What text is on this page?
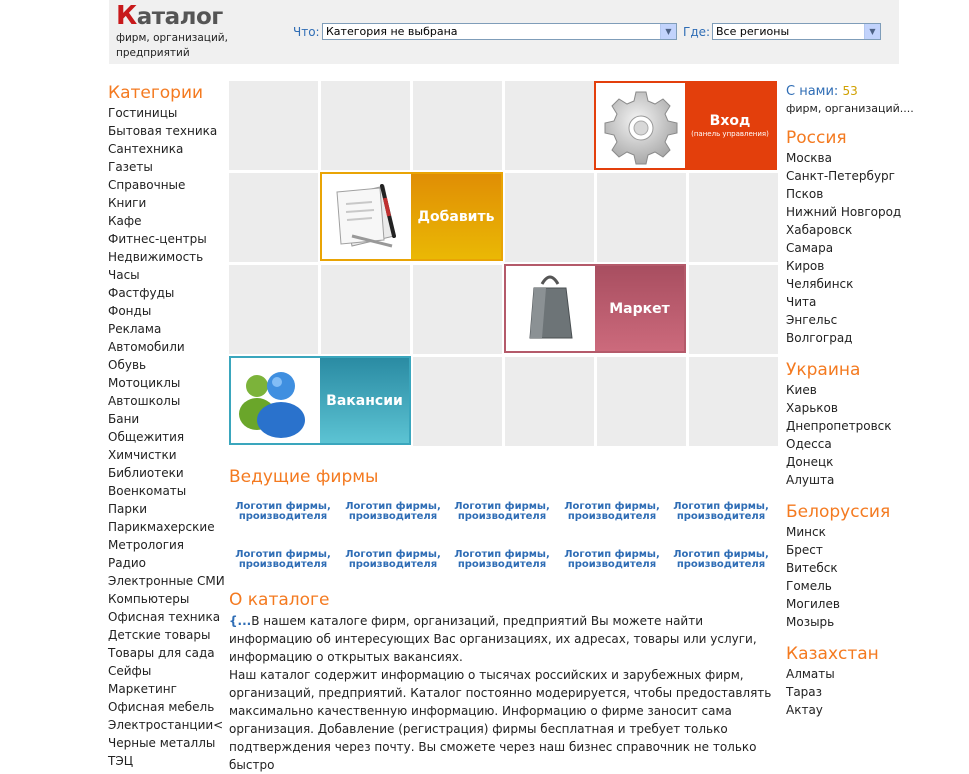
Каталог
фирм, организаций, предприятий
Что: Категория не выбрана	▼ Где: Все регионы	▼
Категории
Гостиницы
Бытовая техника
Сантехника
Газеты
Справочные
Книги
Кафе
Фитнес-центры
Недвижимость
Часы
Фастфуды
Фонды
Реклама
Автомобили
Обувь
Мотоциклы
Автошколы
Бани
Общежития
Химчистки
Библиотеки
Военкоматы
Парки
Парикмахерские
Метрология
Радио
Электронные СМИ
Компьютеры
Офисная техника
Детские товары
Товары для сада
Сейфы
Маркетинг
Офисная мебель
Электростанции<
Черные металлы
ТЭЦ
Вход
(панель управления)
Добавить
Маркет
Вакансии
Ведущие фирмы
Логотип фирмы, производителя
Логотип фирмы, производителя
Логотип фирмы, производителя
Логотип фирмы, производителя
Логотип фирмы, производителя
Логотип фирмы, производителя
Логотип фирмы, производителя
Логотип фирмы, производителя
Логотип фирмы, производителя
Логотип фирмы, производителя
О каталоге
{...В нашем каталоге фирм, организаций, предприятий Вы можете найти информацию об интересующих Вас организациях, их адресах, товары или услуги, информацию о открытых вакансиях.
Наш каталог содержит информацию о тысячах российских и зарубежных фирм, организаций, предприятий. Каталог постоянно модерируется, чтобы предоставлять максимально качественную информацию. Информацию о фирме заносит сама организация. Добавление (регистрация) фирмы бесплатная и требует только подтверждения через почту. Вы сможете через наш бизнес справочник не только быстро
С нами: 53
фирм, организаций....
Россия
Москва
Санкт-Петербург
Псков
Нижний Новгород
Хабаровск
Самара
Киров
Челябинск
Чита
Энгельс
Волгоград
Украина
Киев
Харьков
Днепропетровск
Одесса
Донецк
Алушта
Белоруссия
Минск
Брест
Витебск
Гомель
Могилев
Мозырь
Казахстан
Алматы
Тараз
Актау
